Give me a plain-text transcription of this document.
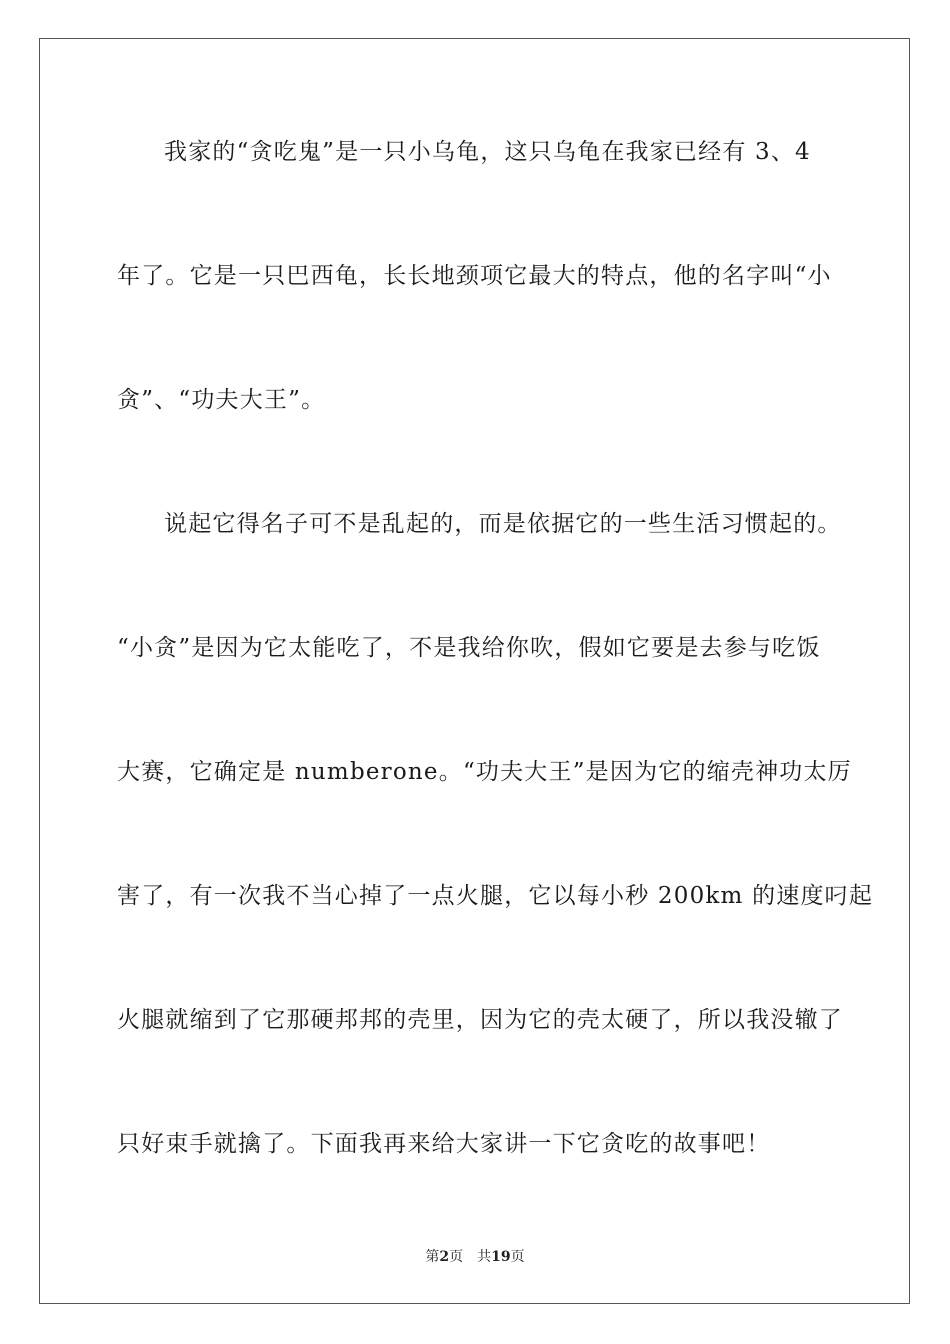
我家的“贪吃鬼”是一只小乌龟，这只乌龟在我家已经有 3、4
年了。它是一只巴西龟，长长地颈项它最大的特点，他的名字叫“小
贪”、“功夫大王”。
说起它得名子可不是乱起的，而是依据它的一些生活习惯起的。
“小贪”是因为它太能吃了，不是我给你吹，假如它要是去参与吃饭
大赛，它确定是 numberone。“功夫大王”是因为它的缩壳神功太厉
害了，有一次我不当心掉了一点火腿，它以每小秒 200km 的速度叼起
火腿就缩到了它那硬邦邦的壳里，因为它的壳太硬了，所以我没辙了
只好束手就擒了。下面我再来给大家讲一下它贪吃的故事吧！
第2页 共19页
